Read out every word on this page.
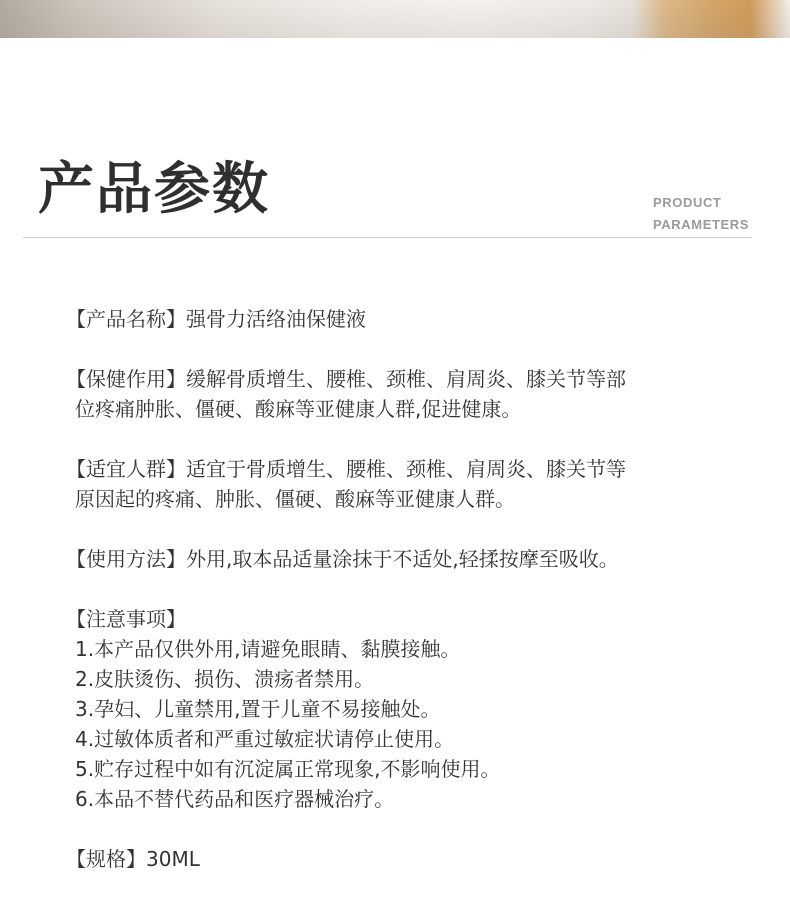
产品参数	PRODUCT
PARAMETERS
【产品名称】强骨力活络油保健液
【保健作用】缓解骨质增生、腰椎、颈椎、肩周炎、膝关节等部
位疼痛肿胀、僵硬、酸麻等亚健康人群,促进健康。
【适宜人群】适宜于骨质增生、腰椎、颈椎、肩周炎、膝关节等
原因起的疼痛、肿胀、僵硬、酸麻等亚健康人群。
【使用方法】外用,取本品适量涂抹于不适处,轻揉按摩至吸收。
【注意事项】
1.本产品仅供外用,请避免眼睛、黏膜接触。
2.皮肤烫伤、损伤、溃疡者禁用。
3.孕妇、儿童禁用,置于儿童不易接触处。
4.过敏体质者和严重过敏症状请停止使用。
5.贮存过程中如有沉淀属正常现象,不影响使用。
6.本品不替代药品和医疗器械治疗。
【规格】30ML
